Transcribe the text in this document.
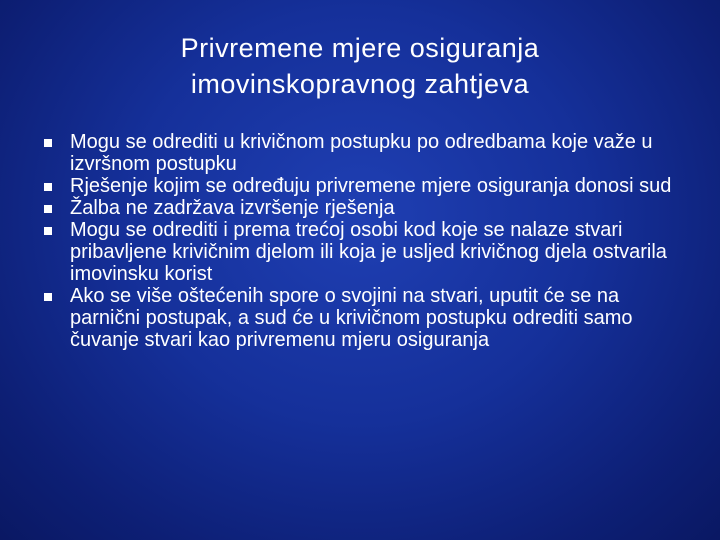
Privremene mjere osiguranja
imovinskopravnog zahtjeva
Mogu se odrediti u krivičnom postupku po odredbama koje važe u izvršnom postupku
Rješenje kojim se određuju privremene mjere osiguranja donosi sud
Žalba ne zadržava izvršenje rješenja
Mogu se odrediti i prema trećoj osobi kod koje se nalaze stvari pribavljene krivičnim djelom ili koja je usljed krivičnog djela ostvarila imovinsku korist
Ako se više oštećenih spore o svojini na stvari, uputit će se na parnični postupak, a sud će u krivičnom postupku odrediti samo čuvanje stvari kao privremenu mjeru osiguranja
